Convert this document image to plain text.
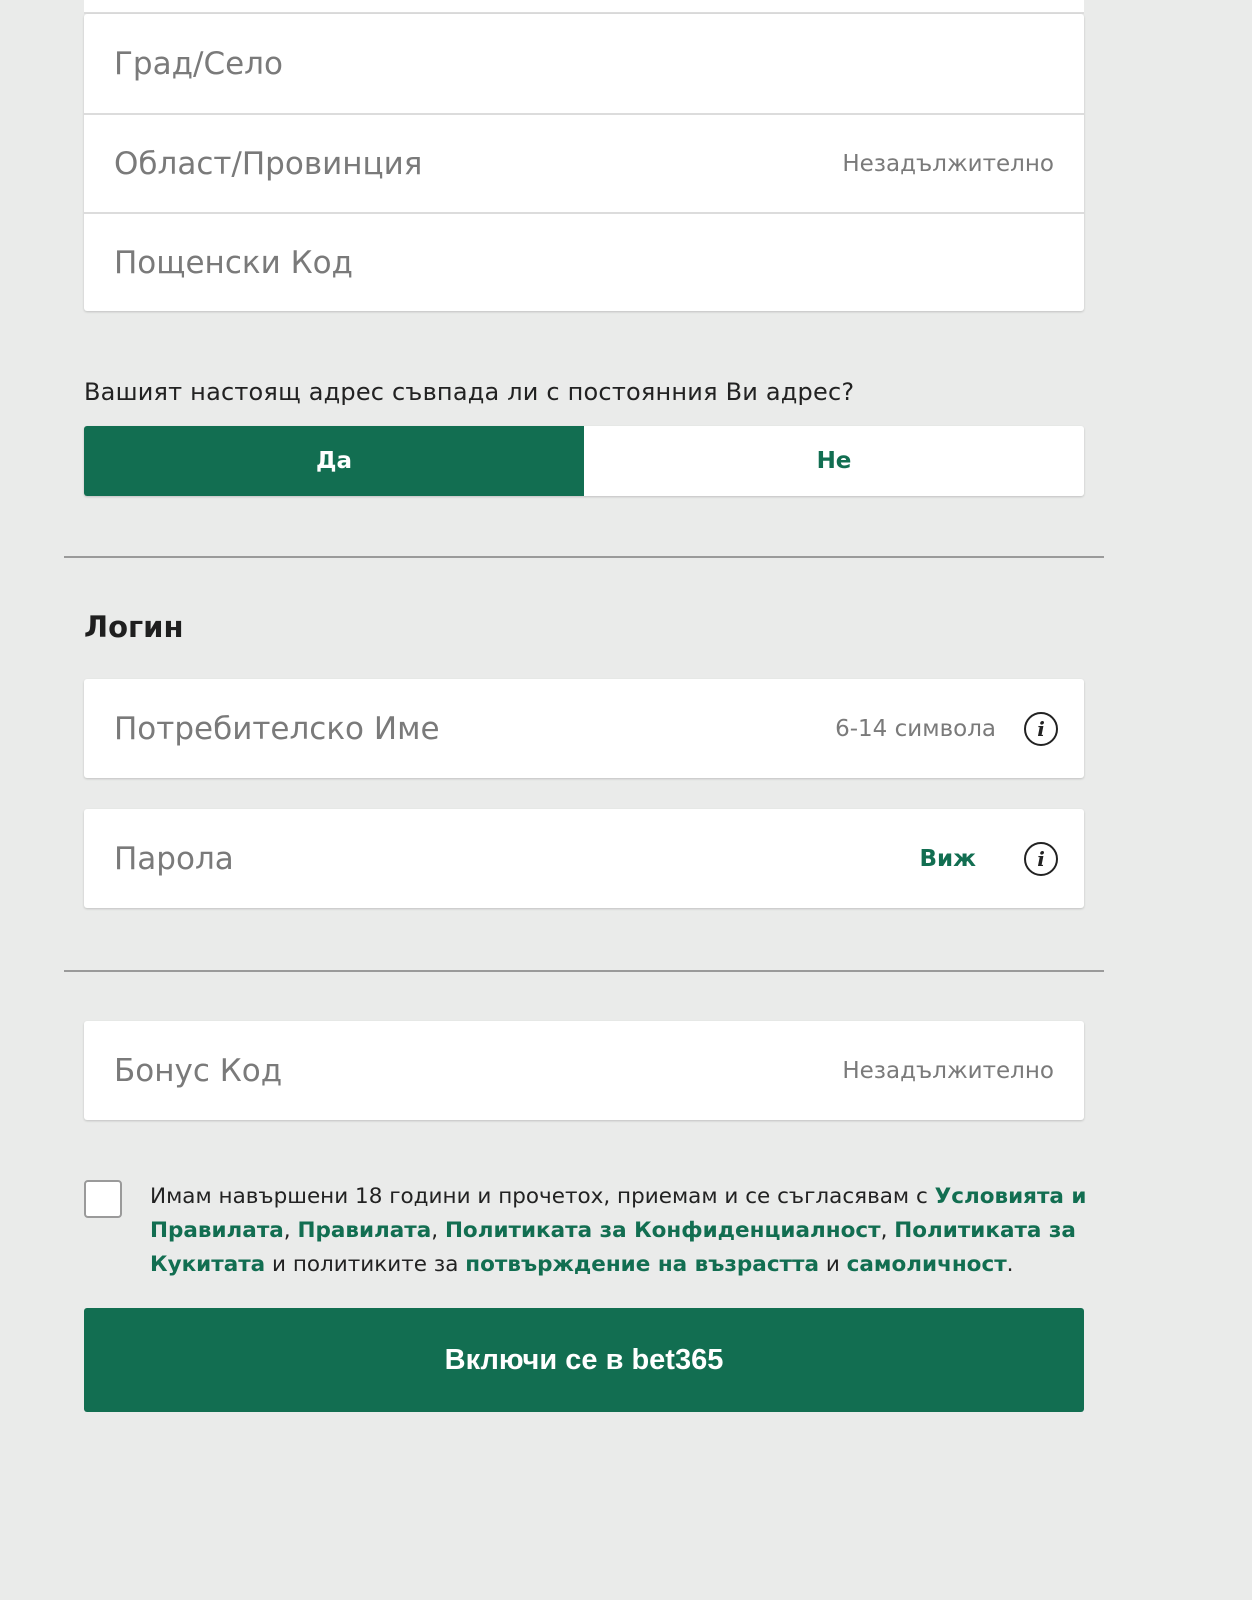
Град/Село
Област/Провинция	Незадължително
Пощенски Код
Вашият настоящ адрес съвпада ли с постоянния Ви адрес?
Да	Не
Логин
Потребителско Име	6-14 символа	i
Парола	Виж	i
Бонус Код	Незадължително
Имам навършени 18 години и прочетох, приемам и се съгласявам с Условията и Правилата, Правилата, Политиката за Конфиденциалност, Политиката за Кукитата и политиките за потвърждение на възрастта и самоличност.
Включи се в bet365
